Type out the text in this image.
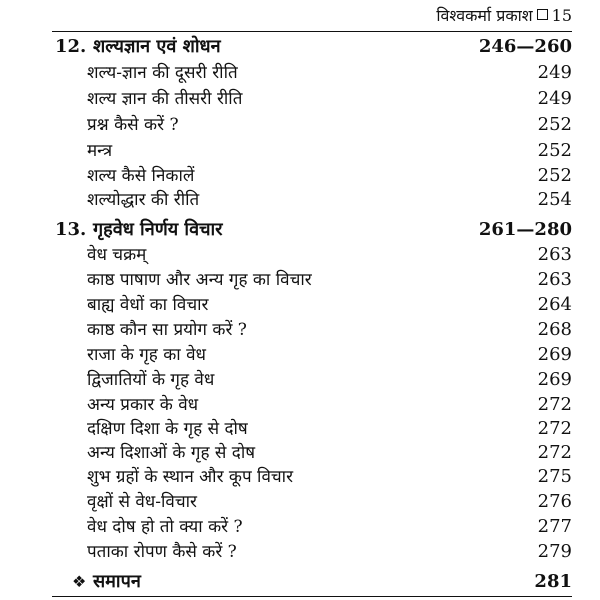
विश्वकर्मा प्रकाश 15
12. शल्यज्ञान एवं शोधन	246—260
शल्य-ज्ञान की दूसरी रीति	249
शल्य ज्ञान की तीसरी रीति	249
प्रश्न कैसे करें ?	252
मन्त्र	252
शल्य कैसे निकालें	252
शल्योद्धार की रीति	254
13. गृहवेध निर्णय विचार	261—280
वेध चक्रम्	263
काष्ठ पाषाण और अन्य गृह का विचार	263
बाह्य वेधों का विचार	264
काष्ठ कौन सा प्रयोग करें ?	268
राजा के गृह का वेध	269
द्विजातियों के गृह वेध	269
अन्य प्रकार के वेध	272
दक्षिण दिशा के गृह से दोष	272
अन्य दिशाओं के गृह से दोष	272
शुभ ग्रहों के स्थान और कूप विचार	275
वृक्षों से वेध-विचार	276
वेध दोष हो तो क्या करें ?	277
पताका रोपण कैसे करें ?	279
❖ समापन	281
